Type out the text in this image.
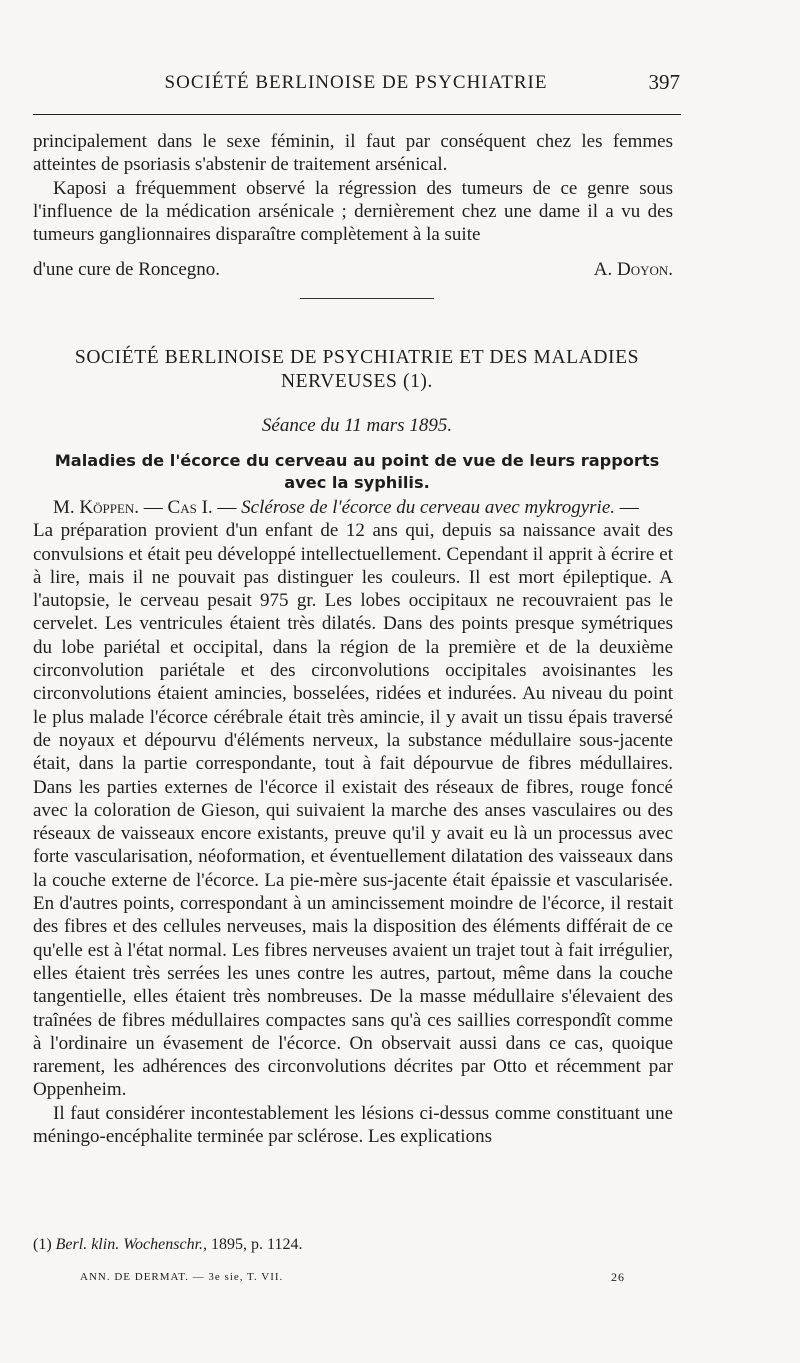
SOCIÉTÉ BERLINOISE DE PSYCHIATRIE	397

principalement dans le sexe féminin, il faut par conséquent chez les femmes atteintes de psoriasis s'abstenir de traitement arsénical.

Kaposi a fréquemment observé la régression des tumeurs de ce genre sous l'influence de la médication arsénicale ; dernièrement chez une dame il a vu des tumeurs ganglionnaires disparaître complètement à la suite

d'une cure de Roncegno.	A. Doyon.
SOCIÉTÉ BERLINOISE DE PSYCHIATRIE ET DES MALADIES
NERVEUSES (1).
Séance du 11 mars 1895.
Maladies de l'écorce du cerveau au point de vue de leurs rapports
avec la syphilis.

M. Köppen. — Cas I. — Sclérose de l'écorce du cerveau avec mykrogyrie. —

La préparation provient d'un enfant de 12 ans qui, depuis sa naissance avait des convulsions et était peu développé intellectuellement. Cependant il apprit à écrire et à lire, mais il ne pouvait pas distinguer les couleurs. Il est mort épileptique. A l'autopsie, le cerveau pesait 975 gr. Les lobes occipitaux ne recouvraient pas le cervelet. Les ventricules étaient très dilatés. Dans des points presque symétriques du lobe pariétal et occipital, dans la région de la première et de la deuxième circonvolution pariétale et des circonvolutions occipitales avoisinantes les circonvolutions étaient amincies, bosselées, ridées et indurées. Au niveau du point le plus malade l'écorce cérébrale était très amincie, il y avait un tissu épais traversé de noyaux et dépourvu d'éléments nerveux, la substance médullaire sous-jacente était, dans la partie correspondante, tout à fait dépourvue de fibres médullaires. Dans les parties externes de l'écorce il existait des réseaux de fibres, rouge foncé avec la coloration de Gieson, qui suivaient la marche des anses vasculaires ou des réseaux de vaisseaux encore existants, preuve qu'il y avait eu là un processus avec forte vascularisation, néoformation, et éventuellement dilatation des vaisseaux dans la couche externe de l'écorce. La pie-mère sus-jacente était épaissie et vascularisée. En d'autres points, correspondant à un amincissement moindre de l'écorce, il restait des fibres et des cellules nerveuses, mais la disposition des éléments différait de ce qu'elle est à l'état normal. Les fibres nerveuses avaient un trajet tout à fait irrégulier, elles étaient très serrées les unes contre les autres, partout, même dans la couche tangentielle, elles étaient très nombreuses. De la masse médullaire s'élevaient des traînées de fibres médullaires compactes sans qu'à ces saillies correspondît comme à l'ordinaire un évasement de l'écorce. On observait aussi dans ce cas, quoique rarement, les adhérences des circonvolutions décrites par Otto et récemment par Oppenheim.

Il faut considérer incontestablement les lésions ci-dessus comme constituant une méningo-encéphalite terminée par sclérose. Les explications

(1) Berl. klin. Wochenschr., 1895, p. 1124.
ANN. DE DERMAT. — 3e sie, T. VII.	26
